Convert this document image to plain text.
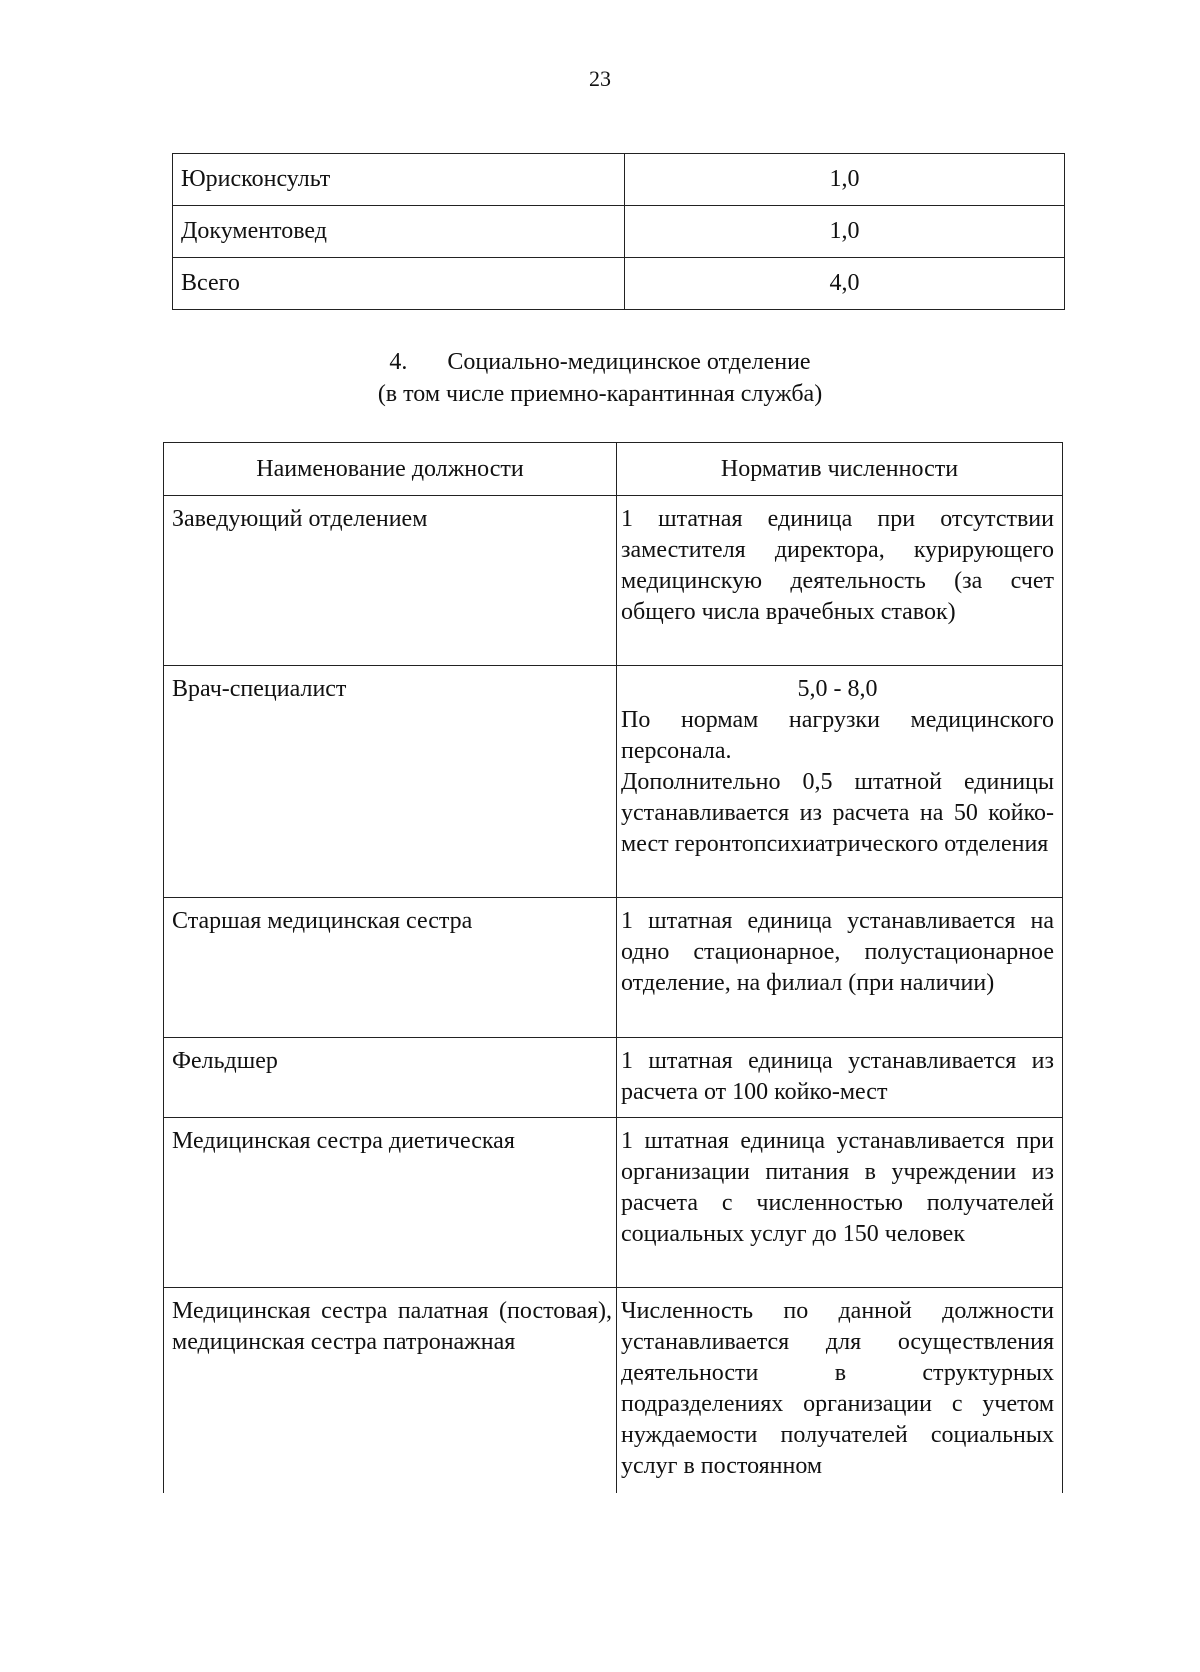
23
Юрисконсульт	1,0
Документовед	1,0
Всего	4,0
4. Социально-медицинское отделение
(в том числе приемно-карантинная служба)
Наименование должности	Норматив численности
Заведующий отделением	1 штатная единица при отсутствии заместителя директора, курирующего медицинскую деятельность (за счет общего числа врачебных ставок)
Врач-специалист	5,0 - 8,0
По нормам нагрузки медицинского персонала.
Дополнительно 0,5 штатной единицы устанавливается из расчета на 50 койко-мест геронтопсихиатрического отделения

Старшая медицинская сестра	1 штатная единица устанавливается на одно стационарное, полустационарное отделение, на филиал (при наличии)
Фельдшер	1 штатная единица устанавливается из расчета от 100 койко-мест
Медицинская сестра диетическая	1 штатная единица устанавливается при организации питания в учреждении из расчета с численностью получателей социальных услуг до 150 человек
Медицинская сестра палатная (постовая), медицинская сестра патронажная	Численность по данной должности устанавливается для осуществления деятельности в структурных подразделениях организации с учетом нуждаемости получателей социальных услуг в постоянном
